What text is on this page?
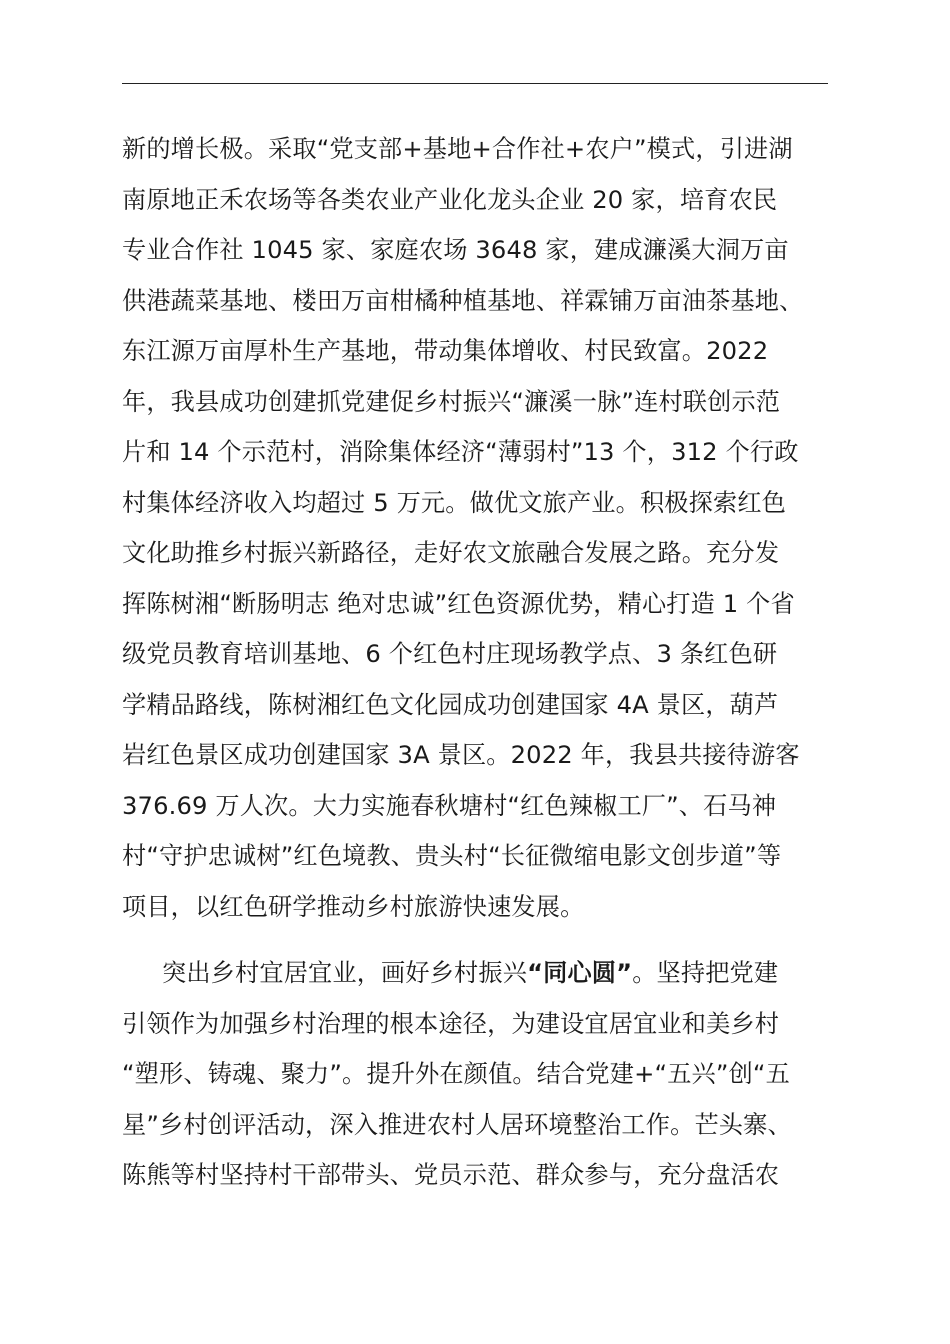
新的增长极。采取“党支部+基地+合作社+农户”模式，引进湖
南原地正禾农场等各类农业产业化龙头企业 20 家，培育农民
专业合作社 1045 家、家庭农场 3648 家，建成濂溪大洞万亩
供港蔬菜基地、楼田万亩柑橘种植基地、祥霖铺万亩油茶基地、
东江源万亩厚朴生产基地，带动集体增收、村民致富。2022
年，我县成功创建抓党建促乡村振兴“濂溪一脉”连村联创示范
片和 14 个示范村，消除集体经济“薄弱村”13 个，312 个行政
村集体经济收入均超过 5 万元。做优文旅产业。积极探索红色
文化助推乡村振兴新路径，走好农文旅融合发展之路。充分发
挥陈树湘“断肠明志 绝对忠诚”红色资源优势，精心打造 1 个省
级党员教育培训基地、6 个红色村庄现场教学点、3 条红色研
学精品路线，陈树湘红色文化园成功创建国家 4A 景区，葫芦
岩红色景区成功创建国家 3A 景区。2022 年，我县共接待游客
376.69 万人次。大力实施春秋塘村“红色辣椒工厂”、石马神
村“守护忠诚树”红色境教、贵头村“长征微缩电影文创步道”等
项目，以红色研学推动乡村旅游快速发展。
突出乡村宜居宜业，画好乡村振兴“同心圆”。坚持把党建
引领作为加强乡村治理的根本途径，为建设宜居宜业和美乡村
“塑形、铸魂、聚力”。提升外在颜值。结合党建+“五兴”创“五
星”乡村创评活动，深入推进农村人居环境整治工作。芒头寨、
陈熊等村坚持村干部带头、党员示范、群众参与，充分盘活农
